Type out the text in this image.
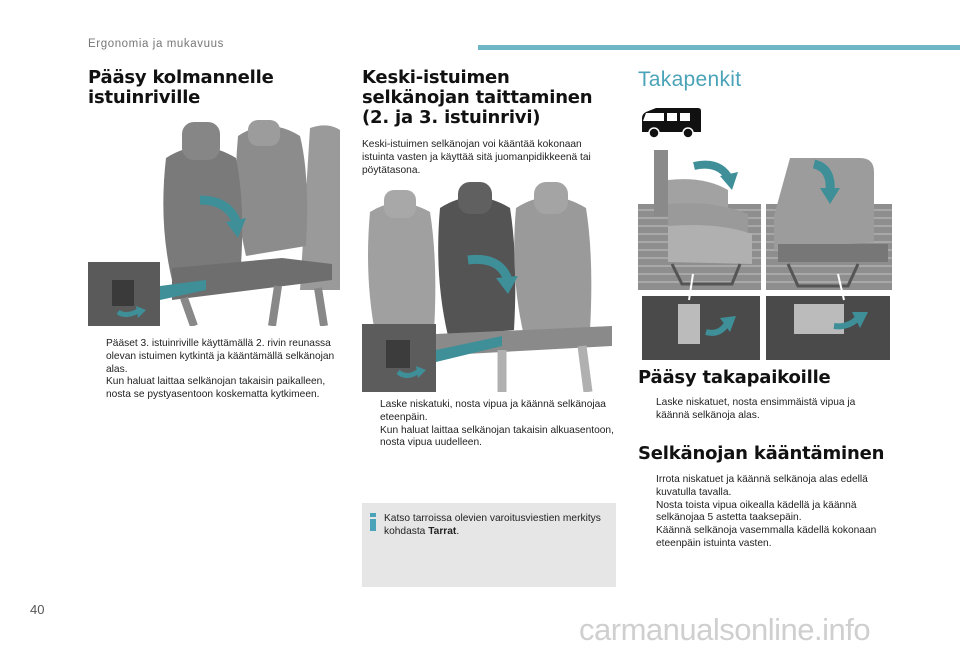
Ergonomia ja mukavuus
Pääsy kolmannelle istuinriville
Pääset 3. istuinriville käyttämällä 2. rivin reunassa olevan istuimen kytkintä ja kääntämällä selkänojan alas.
Kun haluat laittaa selkänojan takaisin paikalleen, nosta se pystyasentoon koskematta kytkimeen.
Keski-istuimen selkänojan taittaminen (2. ja 3. istuinrivi)

Keski-istuimen selkänojan voi kääntää kokonaan istuinta vasten ja käyttää sitä juomanpidikkeenä tai pöytätasona.

Laske niskatuki, nosta vipua ja käännä selkänojaa eteenpäin.
Kun haluat laittaa selkänojan takaisin alkuasentoon, nosta vipua uudelleen.
Katso tarroissa olevien varoitusviestien merkitys kohdasta Tarrat.
Takapenkit
Pääsy takapaikoille
Laske niskatuet, nosta ensimmäistä vipua ja käännä selkänoja alas.
Selkänojan kääntäminen
Irrota niskatuet ja käännä selkänoja alas edellä kuvatulla tavalla.
Nosta toista vipua oikealla kädellä ja käännä selkänojaa 5 astetta taaksepäin.
Käännä selkänoja vasemmalla kädellä kokonaan eteenpäin istuinta vasten.
40
carmanualsonline.info
